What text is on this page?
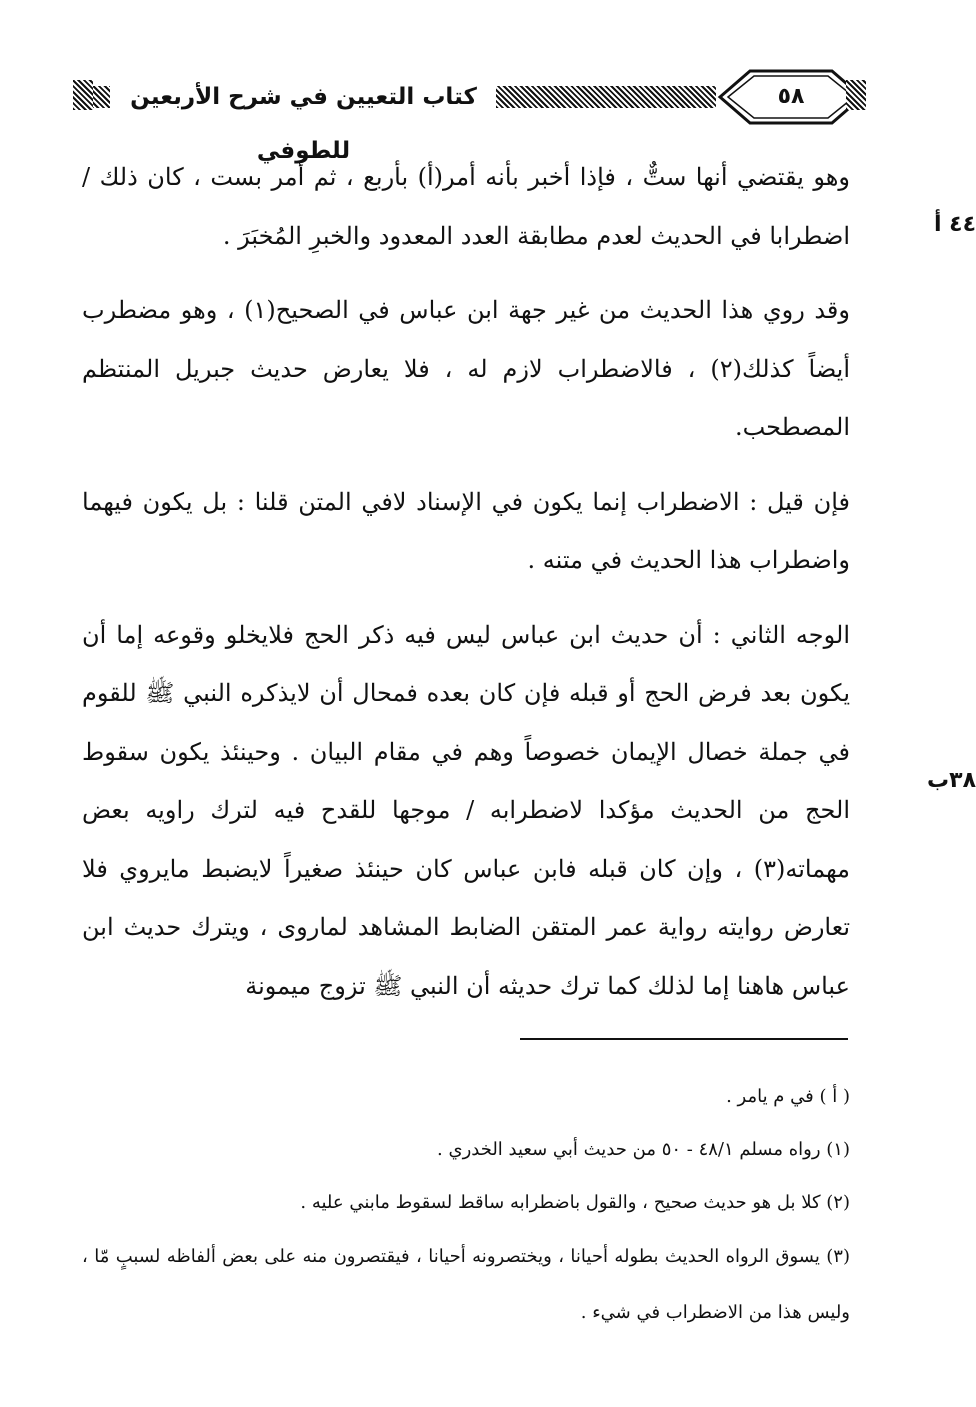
كتاب التعيين في شرح الأربعين للطوفي
٥٨
٤٤ أ
٣٨ب

وهو يقتضي أنها ستٌّ ، فإذا أخبر بأنه أمر(أ) بأربع ، ثم أمر بست ، كان ذلك / اضطرابا في الحديث لعدم مطابقة العدد المعدود والخبرِ المُخبَرَ .

وقد روي هذا الحديث من غير جهة ابن عباس في الصحيح(١) ، وهو مضطرب أيضاً كذلك(٢) ، فالاضطراب لازم له ، فلا يعارض حديث جبريل المنتظم المصطحب.

فإن قيل : الاضطراب إنما يكون في الإسناد لافي المتن قلنا : بل يكون فيهما واضطراب هذا الحديث في متنه .

الوجه الثاني : أن حديث ابن عباس ليس فيه ذكر الحج فلايخلو وقوعه إما أن يكون بعد فرض الحج أو قبله فإن كان بعده فمحال أن لايذكره النبي ﷺ للقوم في جملة خصال الإيمان خصوصاً وهم في مقام البيان . وحينئذ يكون سقوط الحج من الحديث مؤكدا لاضطرابه / موجها للقدح فيه لترك راويه بعض مهماته(٣) ، وإن كان قبله فابن عباس كان حينئذ صغيراً لايضبط مايروي فلا تعارض روايته رواية عمر المتقن الضابط المشاهد لماروى ، ويترك حديث ابن عباس هاهنا إما لذلك كما ترك حديثه أن النبي ﷺ تزوج ميمونة

( أ ) في م يامر .

(١) رواه مسلم ٤٨/١ - ٥٠ من حديث أبي سعيد الخدري .

(٢) كلا بل هو حديث صحيح ، والقول باضطرابه ساقط لسقوط مابني عليه .

(٣) يسوق الرواه الحديث بطوله أحيانا ، ويختصرونه أحيانا ، فيقتصرون منه على بعض ألفاظه لسببٍ مّا ، وليس هذا من الاضطراب في شيء .
